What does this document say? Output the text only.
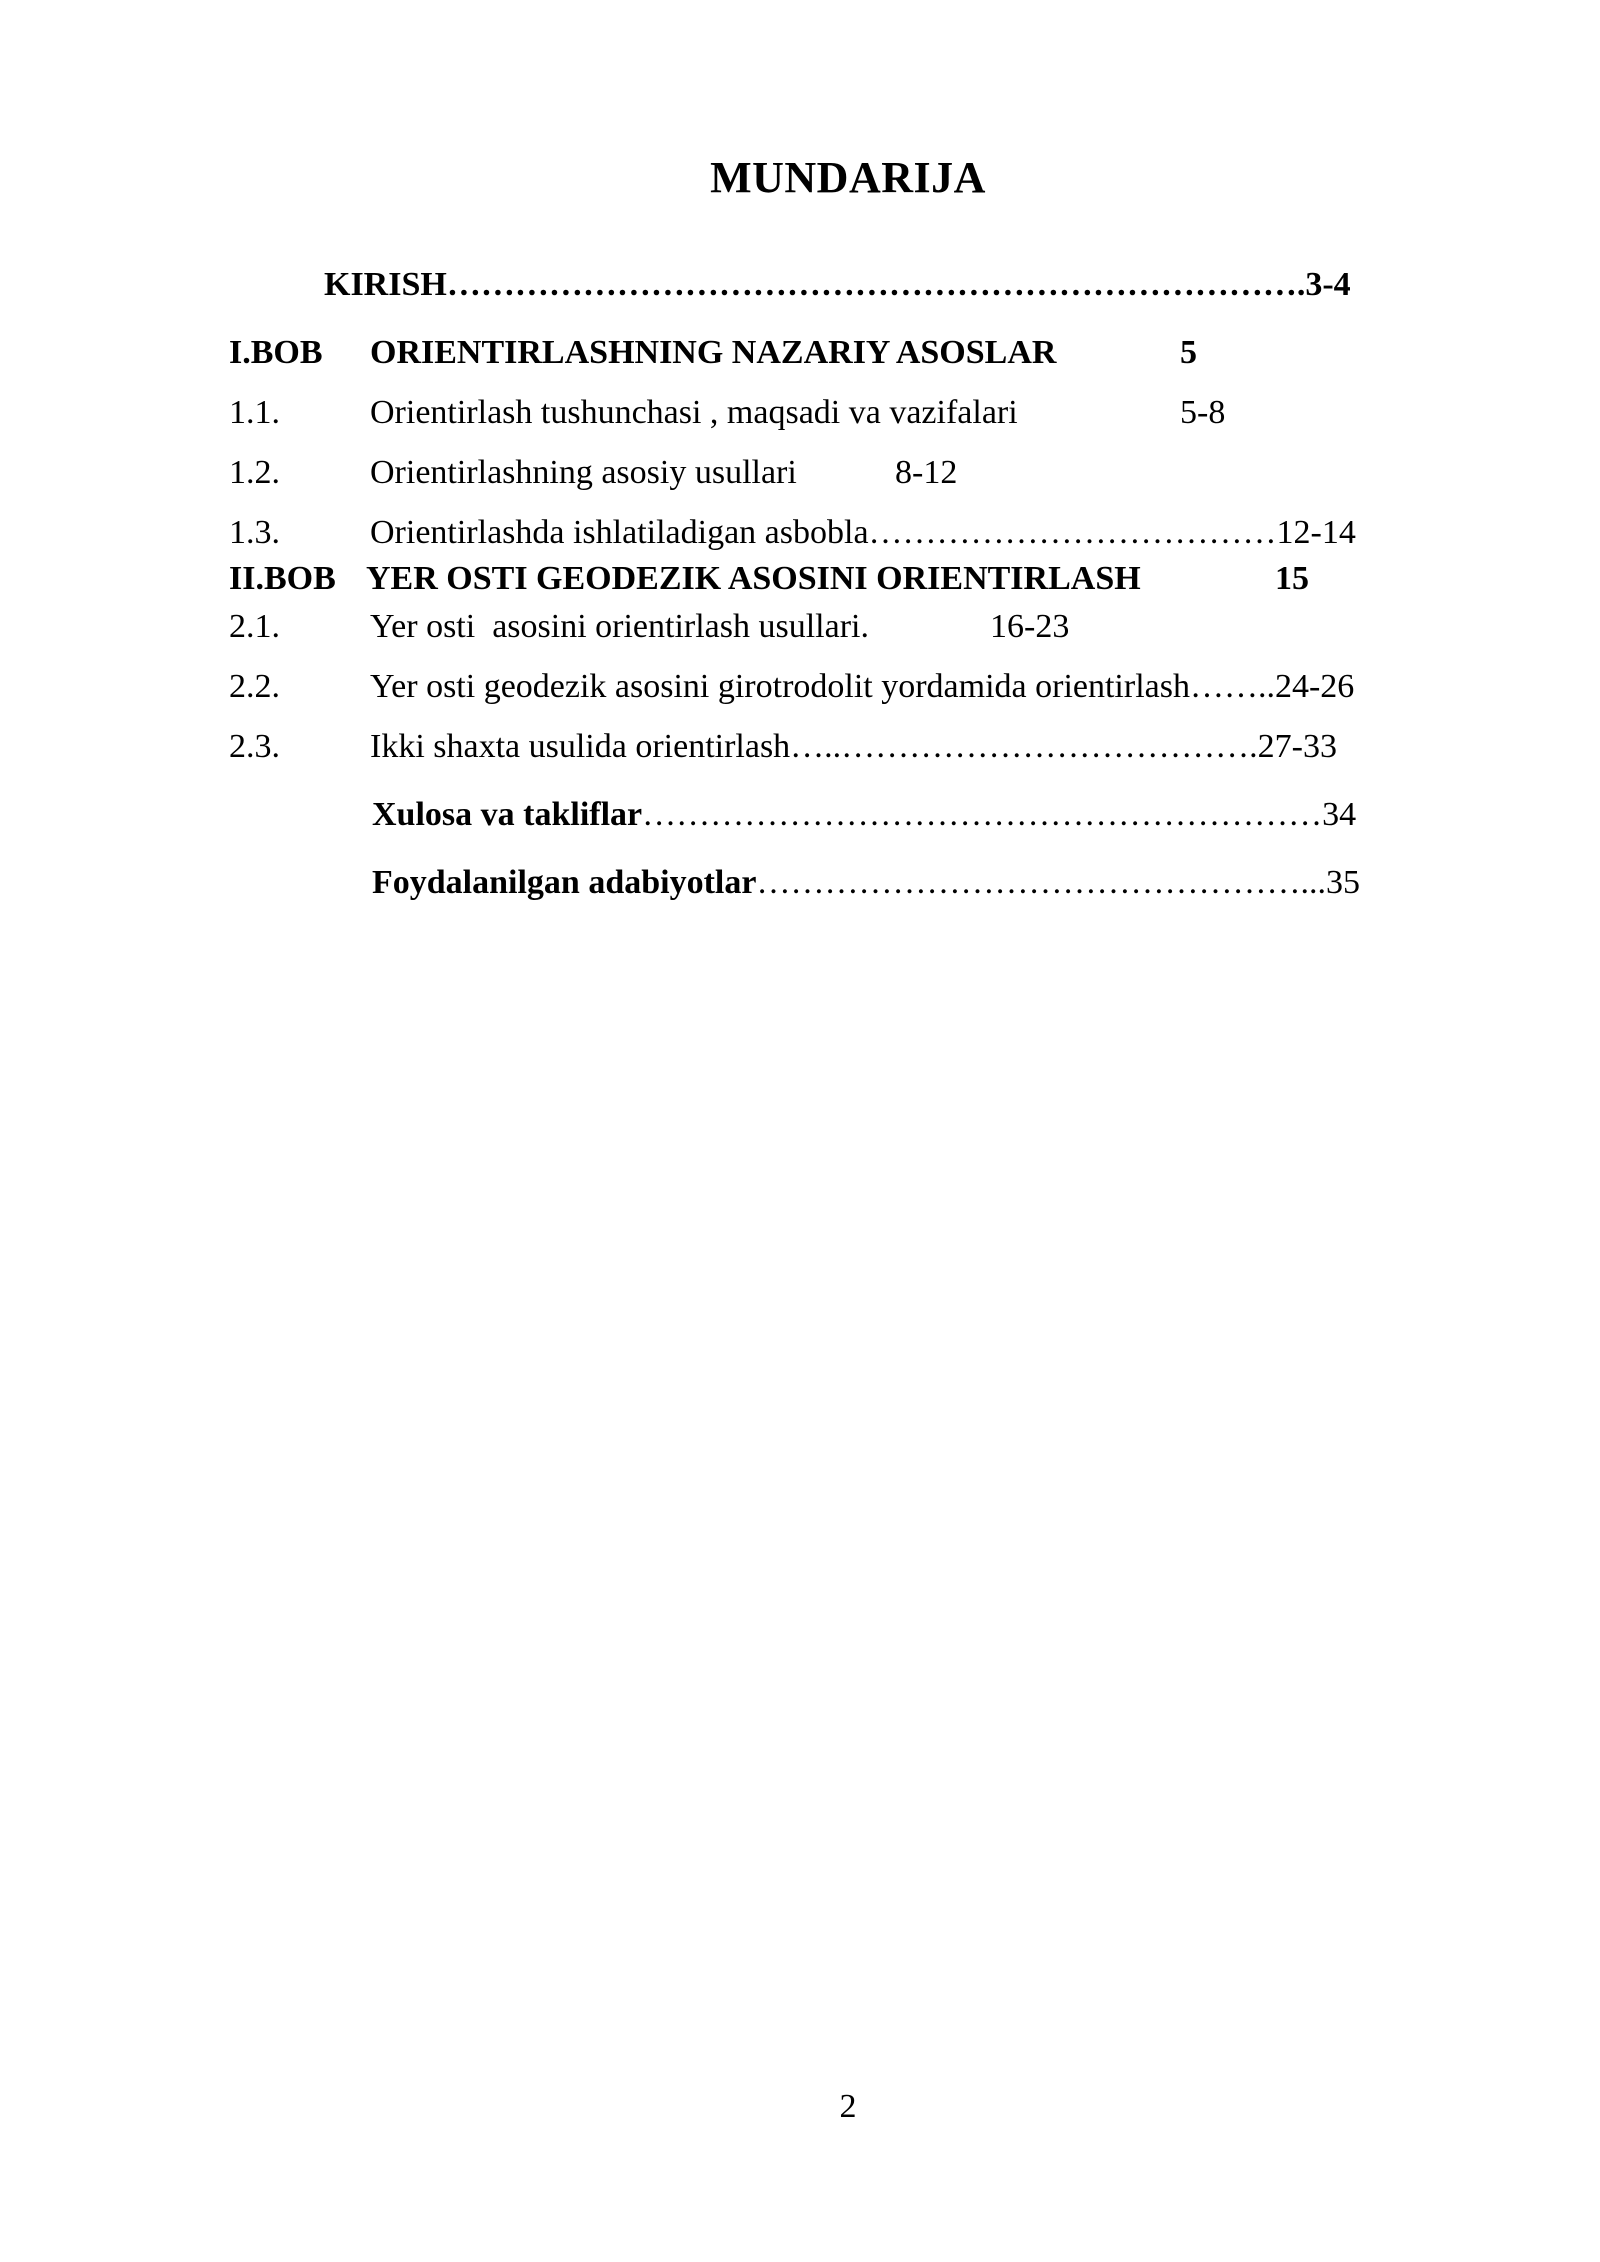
MUNDARIJA
KIRISH………………………………………………………………….3-4
I.BOB ORIENTIRLASHNING NAZARIY ASOSLAR	5
1.1.	Orientirlash tushunchasi , maqsadi va vazifalari	5-8
1.2.	Orientirlashning asosiy usullari	8-12
1.3.	Orientirlashda ishlatiladigan asbobla………………………………12-14
II.BOB YER OSTI GEODEZIK ASOSINI ORIENTIRLASH	15
2.1.	Yer osti  asosini orientirlash usullari.	16-23
2.2.	Yer osti geodezik asosini girotrodolit yordamida orientirlash……..24-26
2.3.	Ikki shaxta usulida orientirlash…..……………………………….27-33
Xulosa va takliflar……………………………………………………34
Foydalanilgan adabiyotlar…………………………………………...35
2
